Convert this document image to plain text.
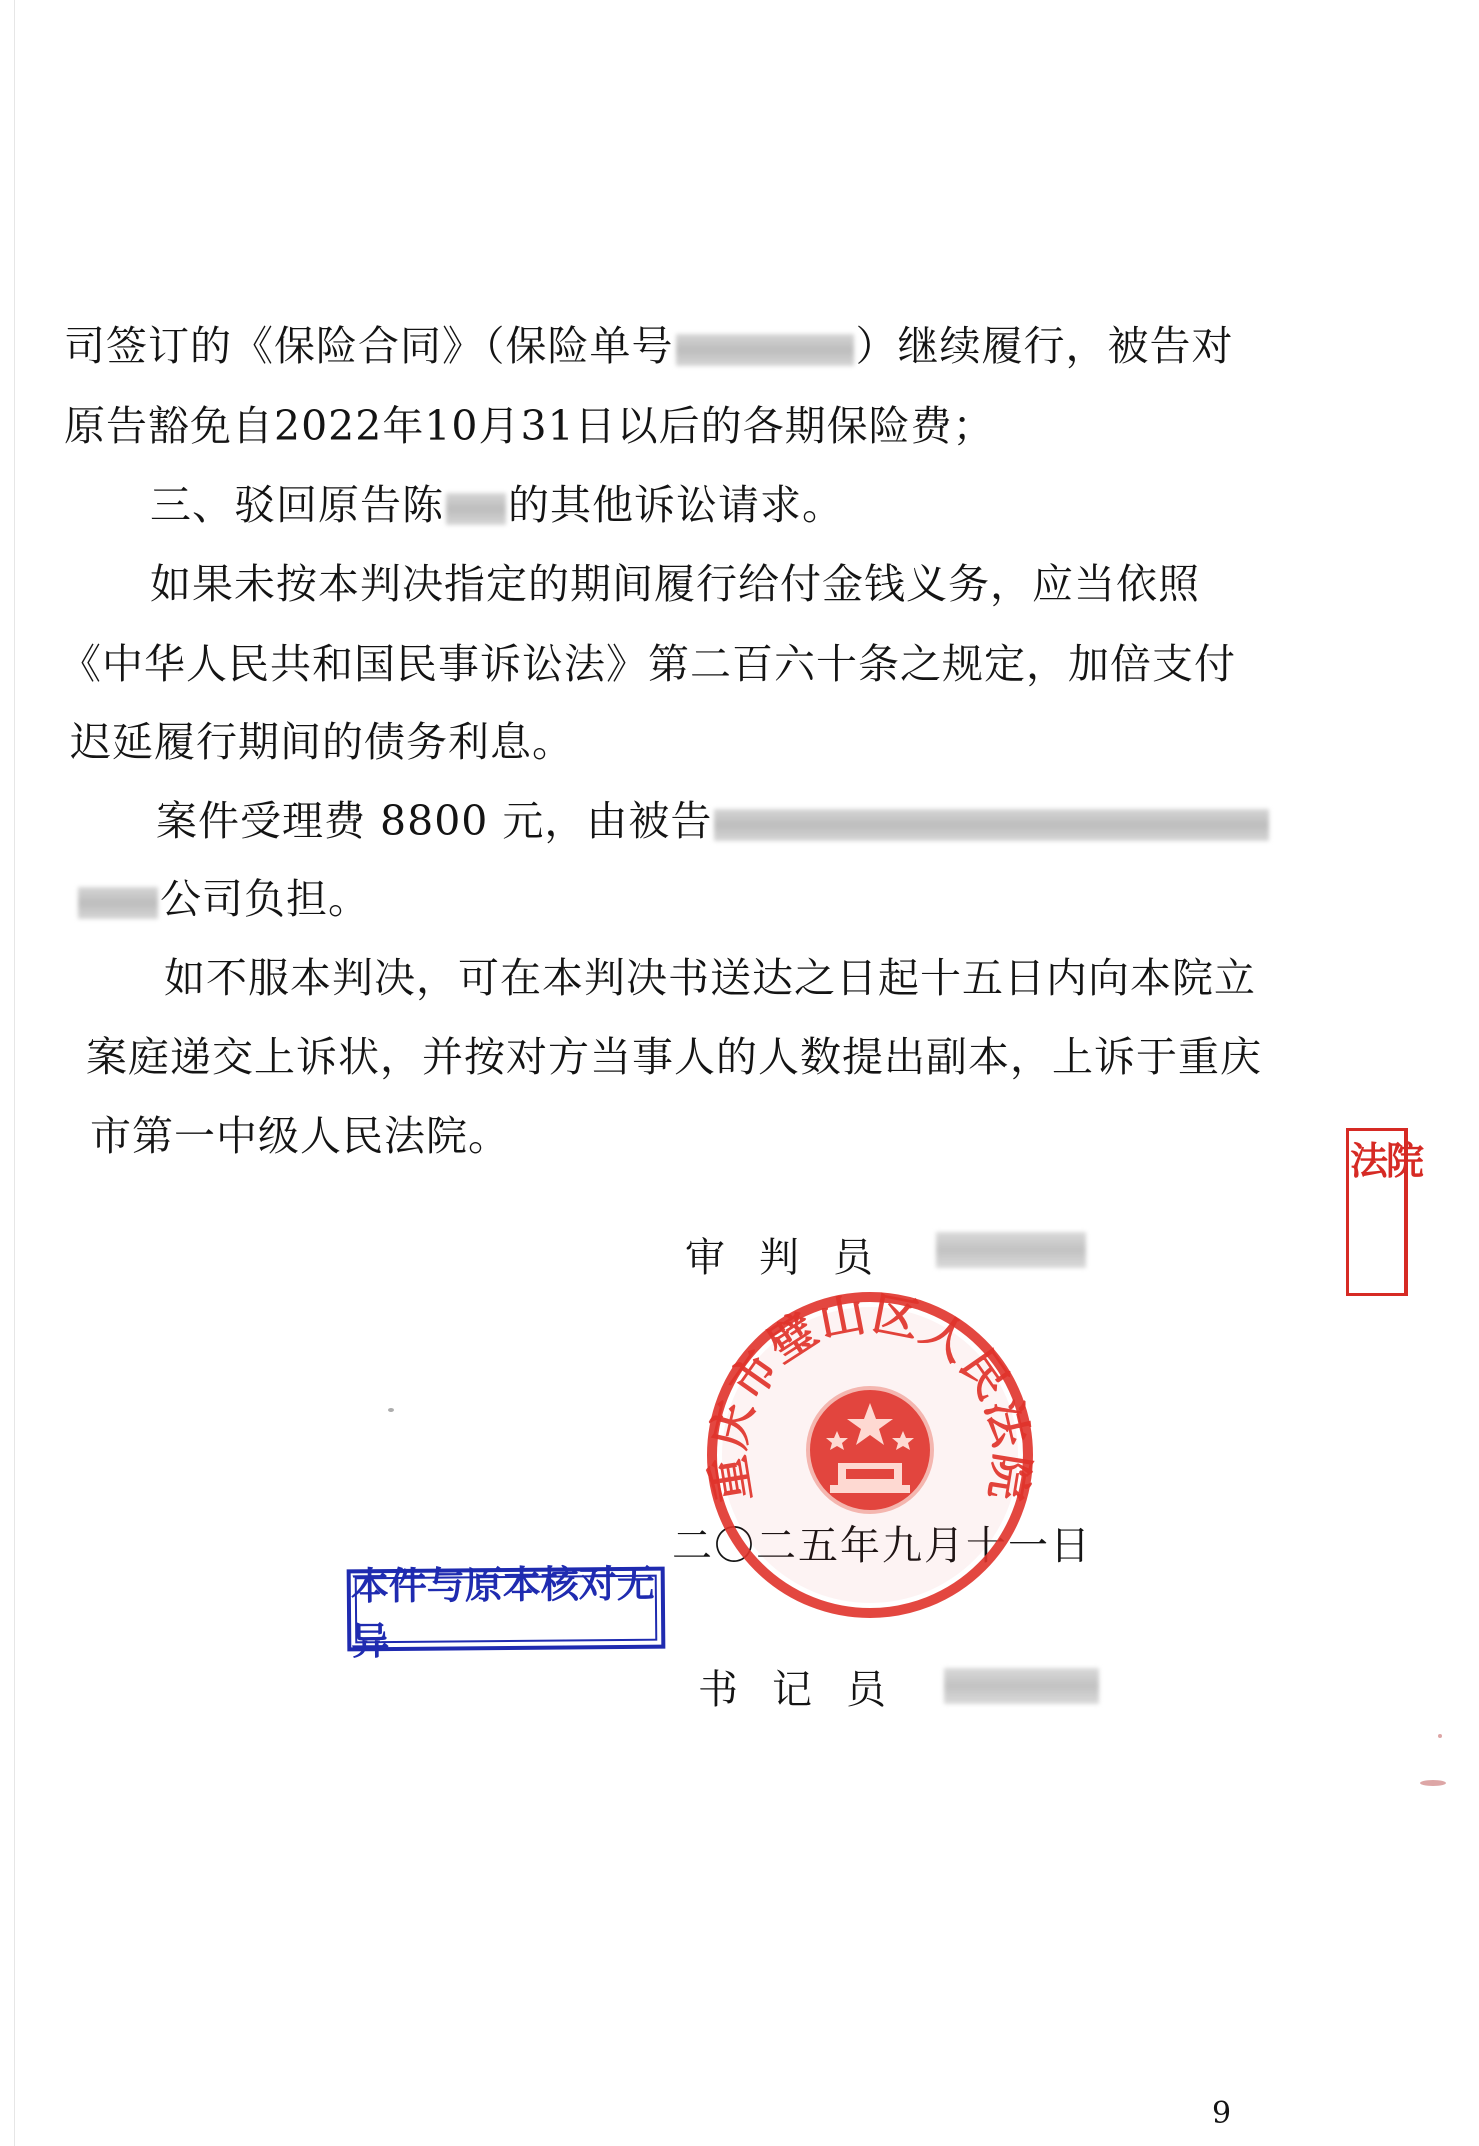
司签订的《保险合同》（保险单号	）继续履行，被告对
原告豁免自2022年10月31日以后的各期保险费；
三、驳回原告陈 的其他诉讼请求。
如果未按本判决指定的期间履行给付金钱义务，应当依照
《中华人民共和国民事诉讼法》第二百六十条之规定，加倍支付
迟延履行期间的债务利息。
案件受理费 8800 元，由被告
公司负担。
如不服本判决，可在本判决书送达之日起十五日内向本院立
案庭递交上诉状，并按对方当事人的人数提出副本，上诉于重庆
市第一中级人民法院。
审判员
二〇二五年九月十一日
书记员
重庆市璧山区人民法院
本件与原本核对无异
法院
9
